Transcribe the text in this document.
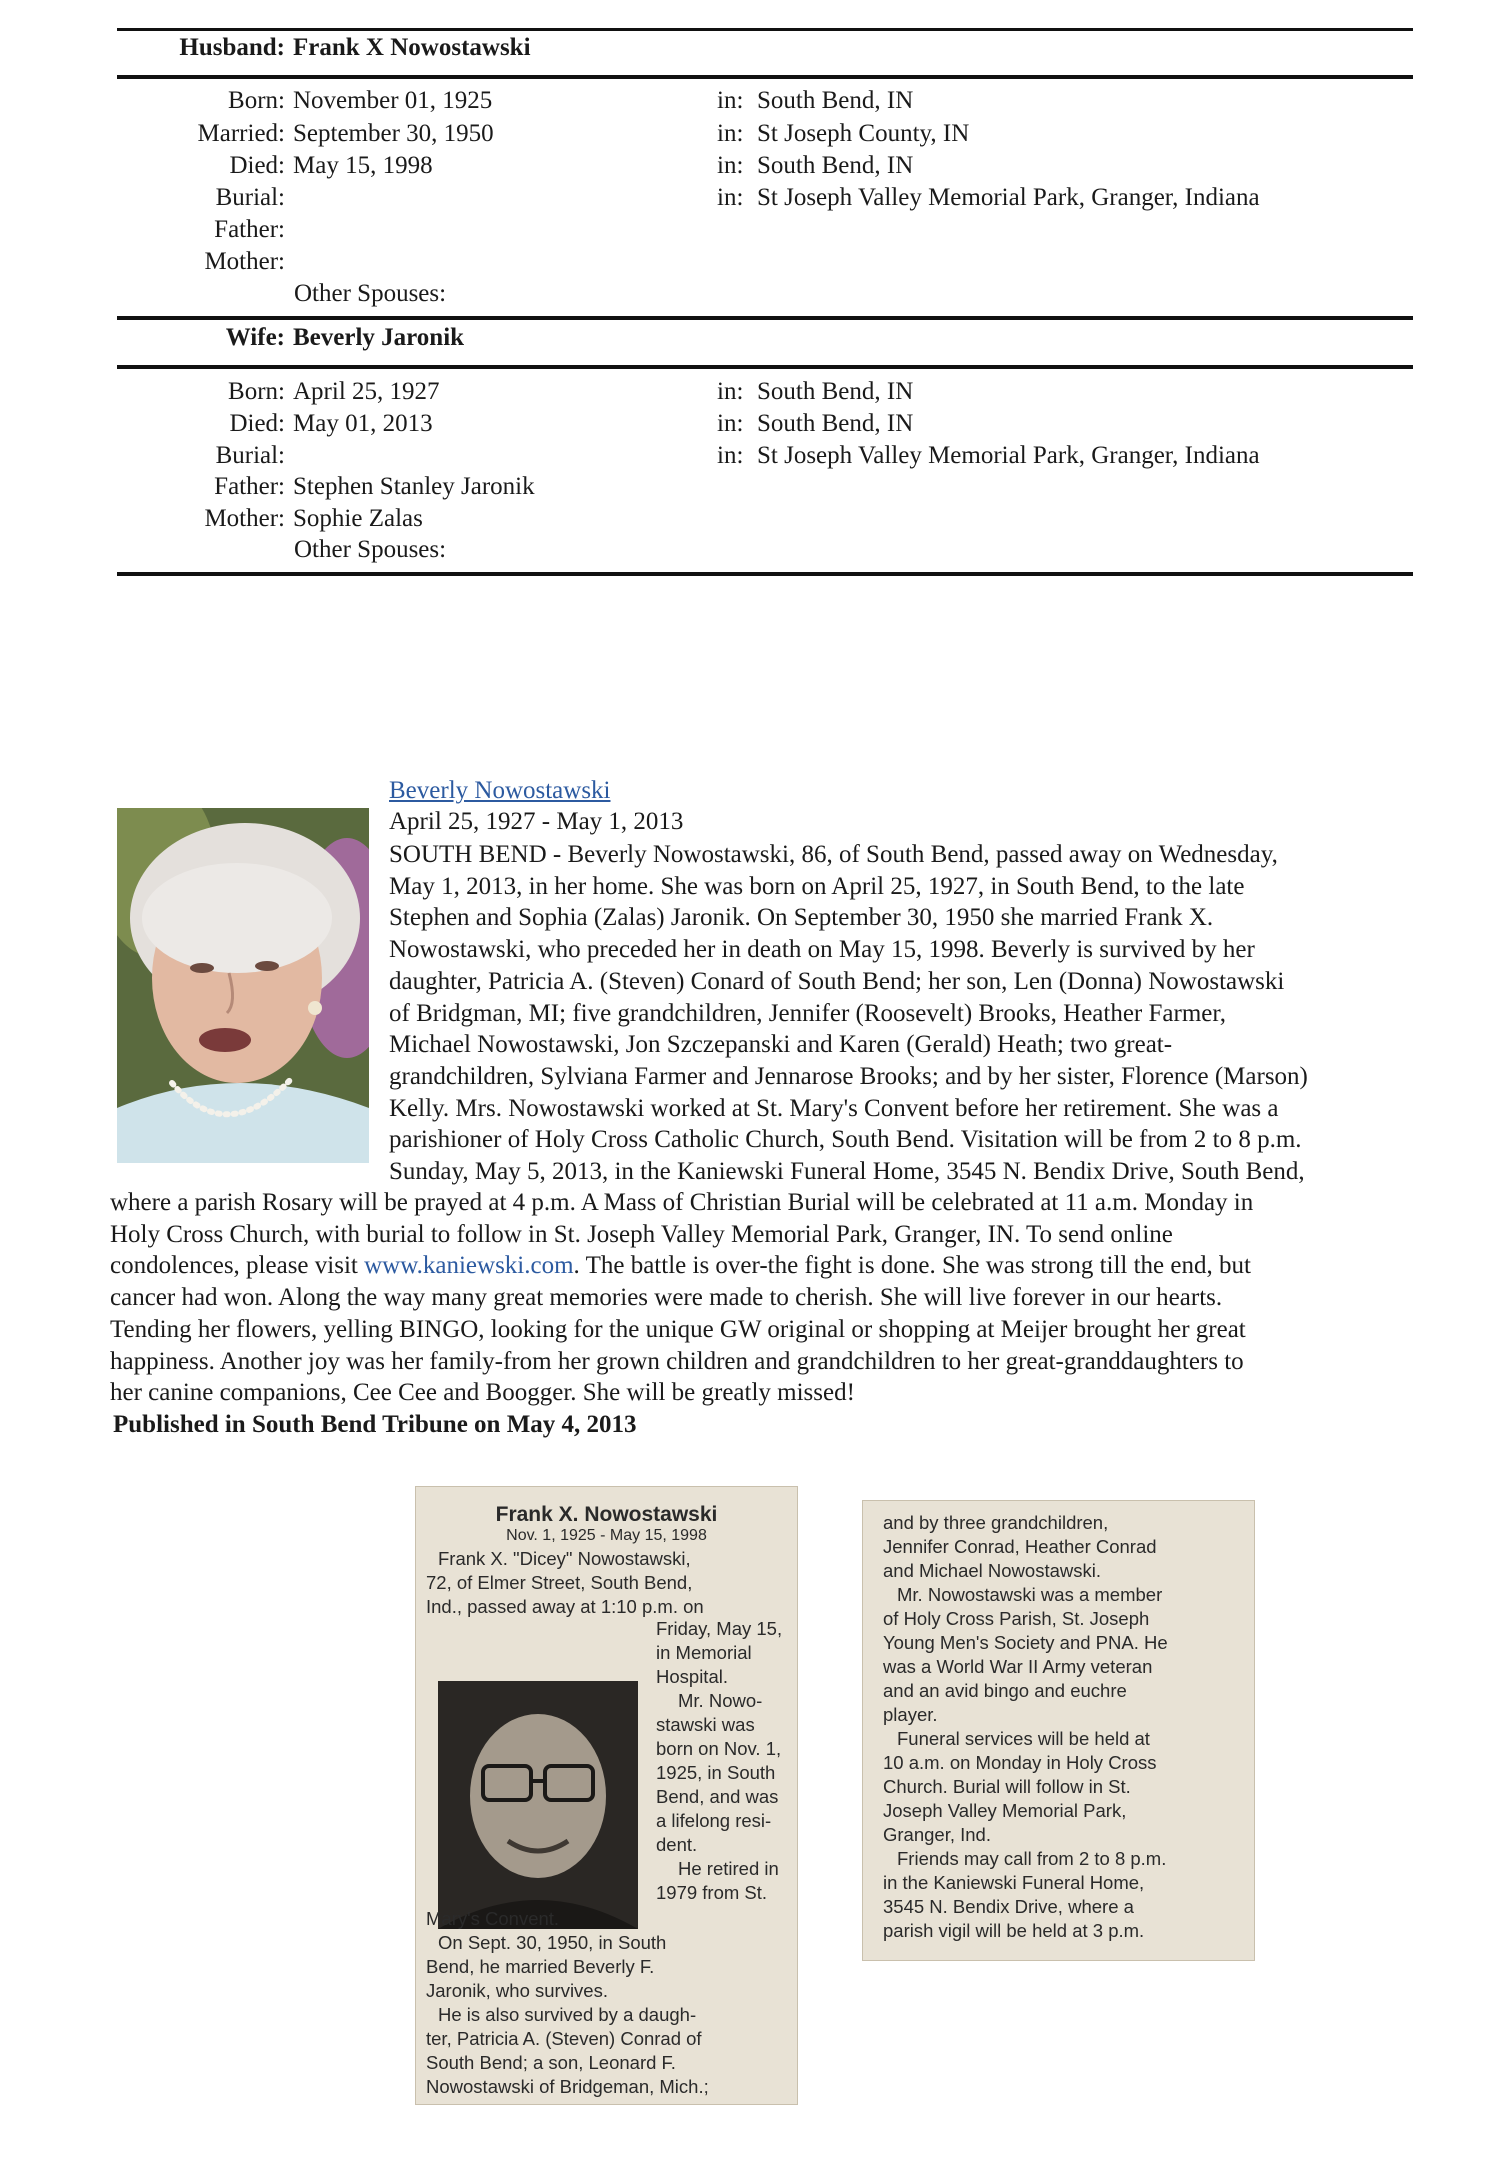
Husband: Frank X Nowostawski
Born: November 01, 1925	in: South Bend, IN
Married: September 30, 1950	in: St Joseph County, IN
Died: May 15, 1998	in: South Bend, IN
Burial:	in: St Joseph Valley Memorial Park, Granger, Indiana
Father:
Mother:
Other Spouses:
Wife: Beverly Jaronik
Born: April 25, 1927	in: South Bend, IN
Died: May 01, 2013	in: South Bend, IN
Burial:	in: St Joseph Valley Memorial Park, Granger, Indiana
Father: Stephen Stanley Jaronik
Mother: Sophie Zalas
Other Spouses:
Beverly Nowostawski
April 25, 1927 - May 1, 2013

SOUTH BEND - Beverly Nowostawski, 86, of South Bend, passed away on Wednesday,

May 1, 2013, in her home. She was born on April 25, 1927, in South Bend, to the late

Stephen and Sophia (Zalas) Jaronik. On September 30, 1950 she married Frank X.

Nowostawski, who preceded her in death on May 15, 1998. Beverly is survived by her

daughter, Patricia A. (Steven) Conard of South Bend; her son, Len (Donna) Nowostawski

of Bridgman, MI; five grandchildren, Jennifer (Roosevelt) Brooks, Heather Farmer,

Michael Nowostawski, Jon Szczepanski and Karen (Gerald) Heath; two great-

grandchildren, Sylviana Farmer and Jennarose Brooks; and by her sister, Florence (Marson)

Kelly. Mrs. Nowostawski worked at St. Mary's Convent before her retirement. She was a

parishioner of Holy Cross Catholic Church, South Bend. Visitation will be from 2 to 8 p.m.

Sunday, May 5, 2013, in the Kaniewski Funeral Home, 3545 N. Bendix Drive, South Bend,

where a parish Rosary will be prayed at 4 p.m. A Mass of Christian Burial will be celebrated at 11 a.m. Monday in

Holy Cross Church, with burial to follow in St. Joseph Valley Memorial Park, Granger, IN. To send online

condolences, please visit www.kaniewski.com. The battle is over-the fight is done. She was strong till the end, but

cancer had won. Along the way many great memories were made to cherish. She will live forever in our hearts.

Tending her flowers, yelling BINGO, looking for the unique GW original or shopping at Meijer brought her great

happiness. Another joy was her family-from her grown children and grandchildren to her great-granddaughters to

her canine companions, Cee Cee and Boogger. She will be greatly missed!

Published in South Bend Tribune on May 4, 2013
Frank X. Nowostawski
Nov. 1, 1925 - May 15, 1998
Frank X. "Dicey" Nowostawski,
72, of Elmer Street, South Bend,
Ind., passed away at 1:10 p.m. on
Friday, May 15,
in Memorial
Hospital.
Mr. Nowo-
stawski was
born on Nov. 1,
1925, in South
Bend, and was
a lifelong resi-
dent.
He retired in
1979 from St.
Mary's Convent.
On Sept. 30, 1950, in South
Bend, he married Beverly F.
Jaronik, who survives.
He is also survived by a daugh-
ter, Patricia A. (Steven) Conrad of
South Bend; a son, Leonard F.
Nowostawski of Bridgeman, Mich.;
and by three grandchildren,
Jennifer Conrad, Heather Conrad
and Michael Nowostawski.
Mr. Nowostawski was a member
of Holy Cross Parish, St. Joseph
Young Men's Society and PNA. He
was a World War II Army veteran
and an avid bingo and euchre
player.
Funeral services will be held at
10 a.m. on Monday in Holy Cross
Church. Burial will follow in St.
Joseph Valley Memorial Park,
Granger, Ind.
Friends may call from 2 to 8 p.m.
in the Kaniewski Funeral Home,
3545 N. Bendix Drive, where a
parish vigil will be held at 3 p.m.
